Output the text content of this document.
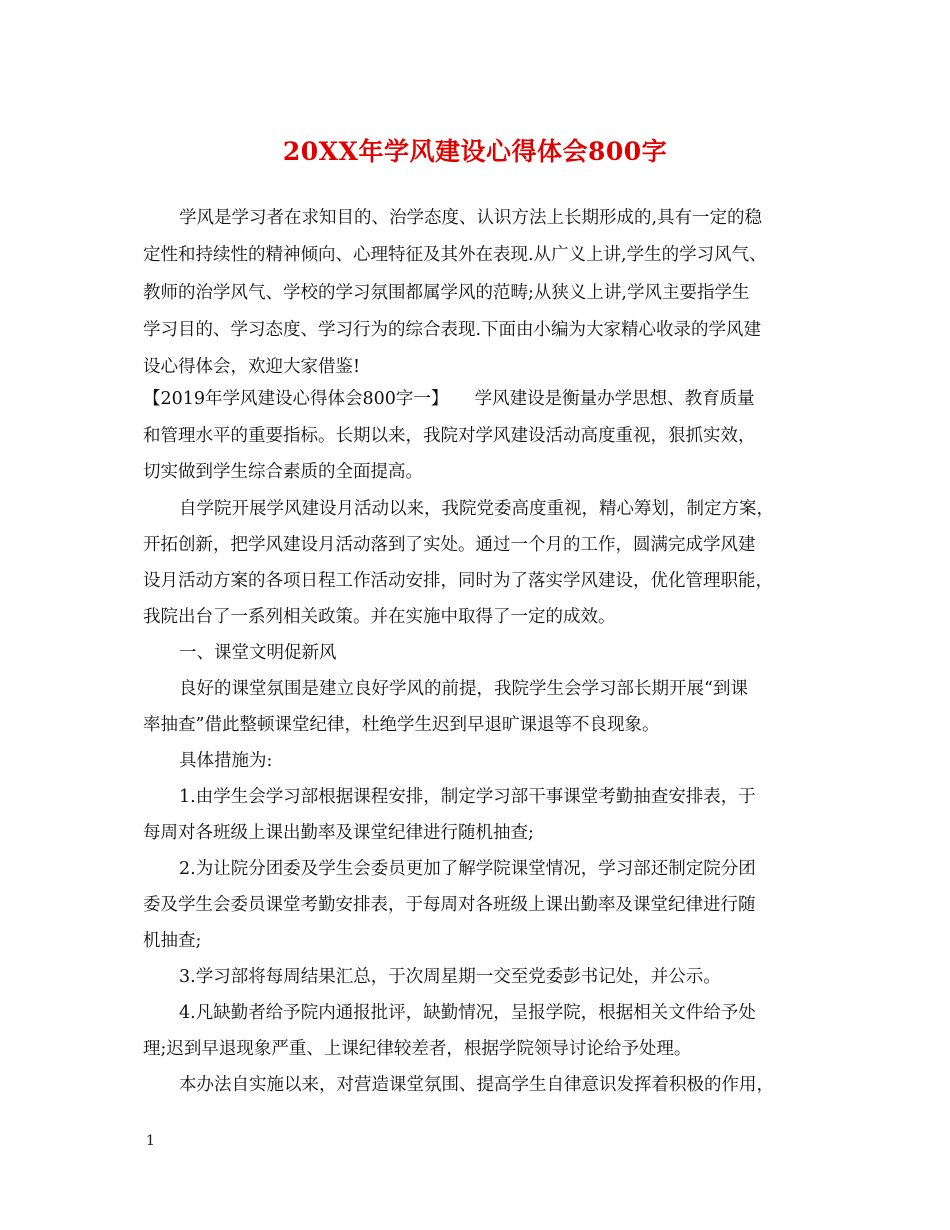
20XX年学风建设心得体会800字
学风是学习者在求知目的、治学态度、认识方法上长期形成的,具有一定的稳
定性和持续性的精神倾向、心理特征及其外在表现.从广义上讲,学生的学习风气、
教师的治学风气、学校的学习氛围都属学风的范畴;从狭义上讲,学风主要指学生
学习目的、学习态度、学习行为的综合表现.下面由小编为大家精心收录的学风建
设心得体会，欢迎大家借鉴!
【2019年学风建设心得体会800字一】　　学风建设是衡量办学思想、教育质量
和管理水平的重要指标。长期以来，我院对学风建设活动高度重视，狠抓实效，
切实做到学生综合素质的全面提高。
自学院开展学风建设月活动以来，我院党委高度重视，精心筹划，制定方案，
开拓创新，把学风建设月活动落到了实处。通过一个月的工作，圆满完成学风建
设月活动方案的各项日程工作活动安排，同时为了落实学风建设，优化管理职能，
我院出台了一系列相关政策。并在实施中取得了一定的成效。
一、课堂文明促新风
良好的课堂氛围是建立良好学风的前提，我院学生会学习部长期开展“到课
率抽查”借此整顿课堂纪律，杜绝学生迟到早退旷课退等不良现象。
具体措施为:
1.由学生会学习部根据课程安排，制定学习部干事课堂考勤抽查安排表，于
每周对各班级上课出勤率及课堂纪律进行随机抽查;
2.为让院分团委及学生会委员更加了解学院课堂情况，学习部还制定院分团
委及学生会委员课堂考勤安排表，于每周对各班级上课出勤率及课堂纪律进行随
机抽查;
3.学习部将每周结果汇总，于次周星期一交至党委彭书记处，并公示。
4.凡缺勤者给予院内通报批评，缺勤情况，呈报学院，根据相关文件给予处
理;迟到早退现象严重、上课纪律较差者，根据学院领导讨论给予处理。
本办法自实施以来，对营造课堂氛围、提高学生自律意识发挥着积极的作用，
1
